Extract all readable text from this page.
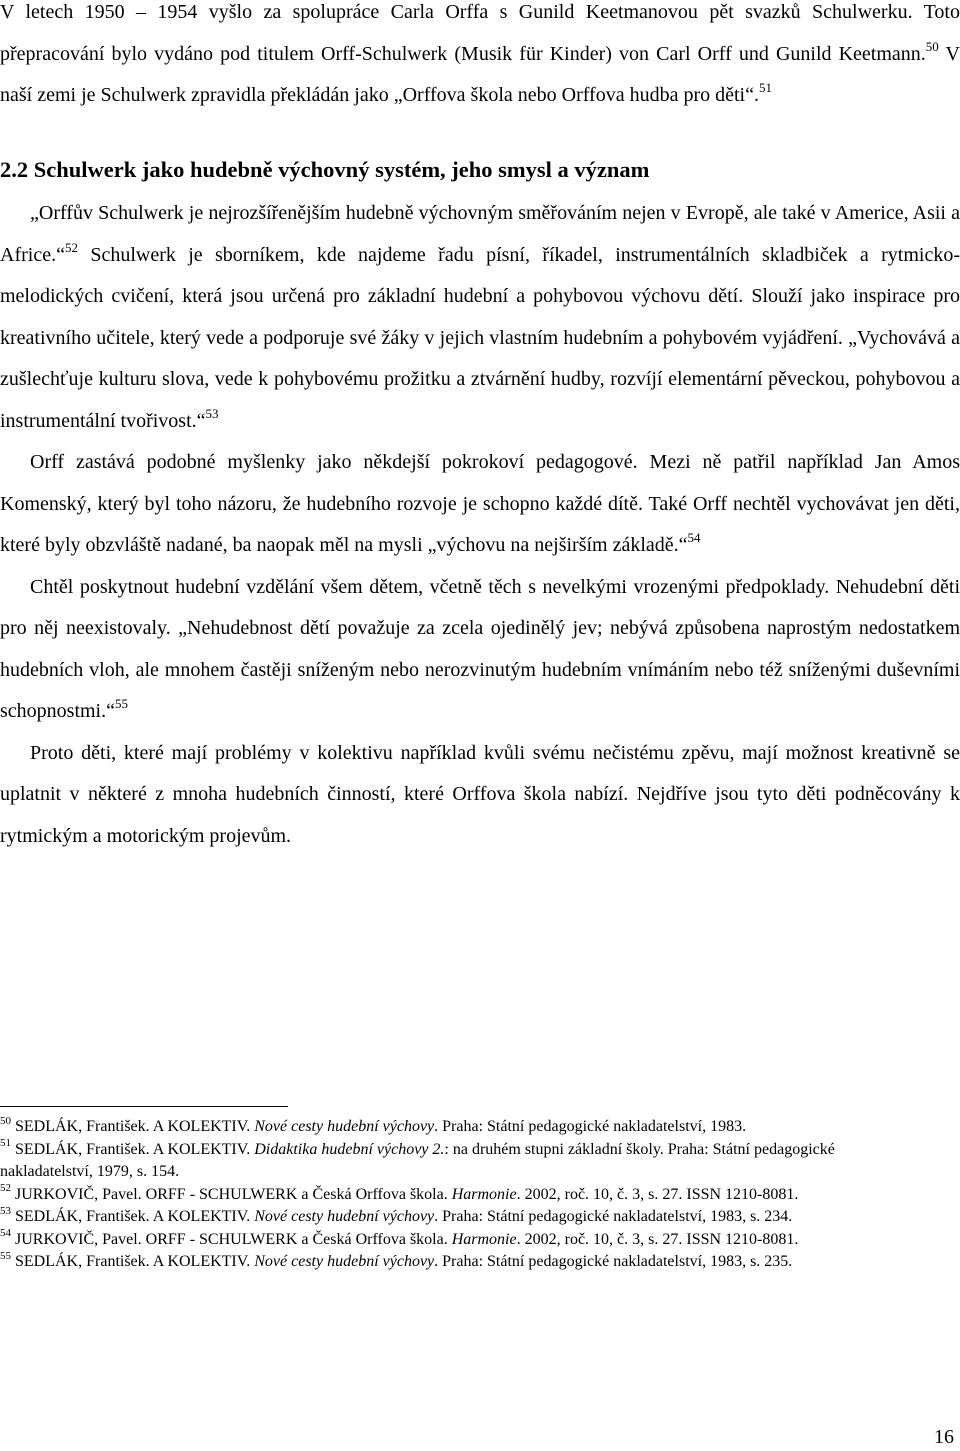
V letech 1950 – 1954 vyšlo za spolupráce Carla Orffa s Gunild Keetmanovou pět svazků Schulwerku. Toto přepracování bylo vydáno pod titulem Orff-Schulwerk (Musik für Kinder) von Carl Orff und Gunild Keetmann.$^{50}$ V naší zemi je Schulwerk zpravidla překládán jako „Orffova škola nebo Orffova hudba pro děti“.$^{51}$

2.2 Schulwerk jako hudebně výchovný systém, jeho smysl a význam

„Orffův Schulwerk je nejrozšířenějším hudebně výchovným směřováním nejen v Evropě, ale také v Americe, Asii a Africe.“$^{52}$ Schulwerk je sborníkem, kde najdeme řadu písní, říkadel, instrumentálních skladbiček a rytmicko-melodických cvičení, která jsou určená pro základní hudební a pohybovou výchovu dětí. Slouží jako inspirace pro kreativního učitele, který vede a podporuje své žáky v jejich vlastním hudebním a pohybovém vyjádření. „Vychovává a zušlechťuje kulturu slova, vede k pohybovému prožitku a ztvárnění hudby, rozvíjí elementární pěveckou, pohybovou a instrumentální tvořivost.“$^{53}$

Orff zastává podobné myšlenky jako někdejší pokrokoví pedagogové. Mezi ně patřil například Jan Amos Komenský, který byl toho názoru, že hudebního rozvoje je schopno každé dítě. Také Orff nechtěl vychovávat jen děti, které byly obzvláště nadané, ba naopak měl na mysli „výchovu na nejširším základě.“$^{54}$

Chtěl poskytnout hudební vzdělání všem dětem, včetně těch s nevelkými vrozenými předpoklady. Nehudební děti pro něj neexistovaly. „Nehudebnost dětí považuje za zcela ojedinělý jev; nebývá způsobena naprostým nedostatkem hudebních vloh, ale mnohem častěji sníženým nebo nerozvinutým hudebním vnímáním nebo též sníženými duševními schopnostmi.“$^{55}$

Proto děti, které mají problémy v kolektivu například kvůli svému nečistému zpěvu, mají možnost kreativně se uplatnit v některé z mnoha hudebních činností, které Orffova škola nabízí. Nejdříve jsou tyto děti podněcovány k rytmickým a motorickým projevům.

$^{50}$ SEDLÁK, František. A KOLEKTIV. Nové cesty hudební výchovy. Praha: Státní pedagogické nakladatelství, 1983.

$^{51}$ SEDLÁK, František. A KOLEKTIV. Didaktika hudební výchovy 2.: na druhém stupni základní školy. Praha: Státní pedagogické nakladatelství, 1979, s. 154.

$^{52}$ JURKOVIČ, Pavel. ORFF - SCHULWERK a Česká Orffova škola. Harmonie. 2002, roč. 10, č. 3, s. 27. ISSN 1210-8081.

$^{53}$ SEDLÁK, František. A KOLEKTIV. Nové cesty hudební výchovy. Praha: Státní pedagogické nakladatelství, 1983, s. 234.

$^{54}$ JURKOVIČ, Pavel. ORFF - SCHULWERK a Česká Orffova škola. Harmonie. 2002, roč. 10, č. 3, s. 27. ISSN 1210-8081.

$^{55}$ SEDLÁK, František. A KOLEKTIV. Nové cesty hudební výchovy. Praha: Státní pedagogické nakladatelství, 1983, s. 235.

16
